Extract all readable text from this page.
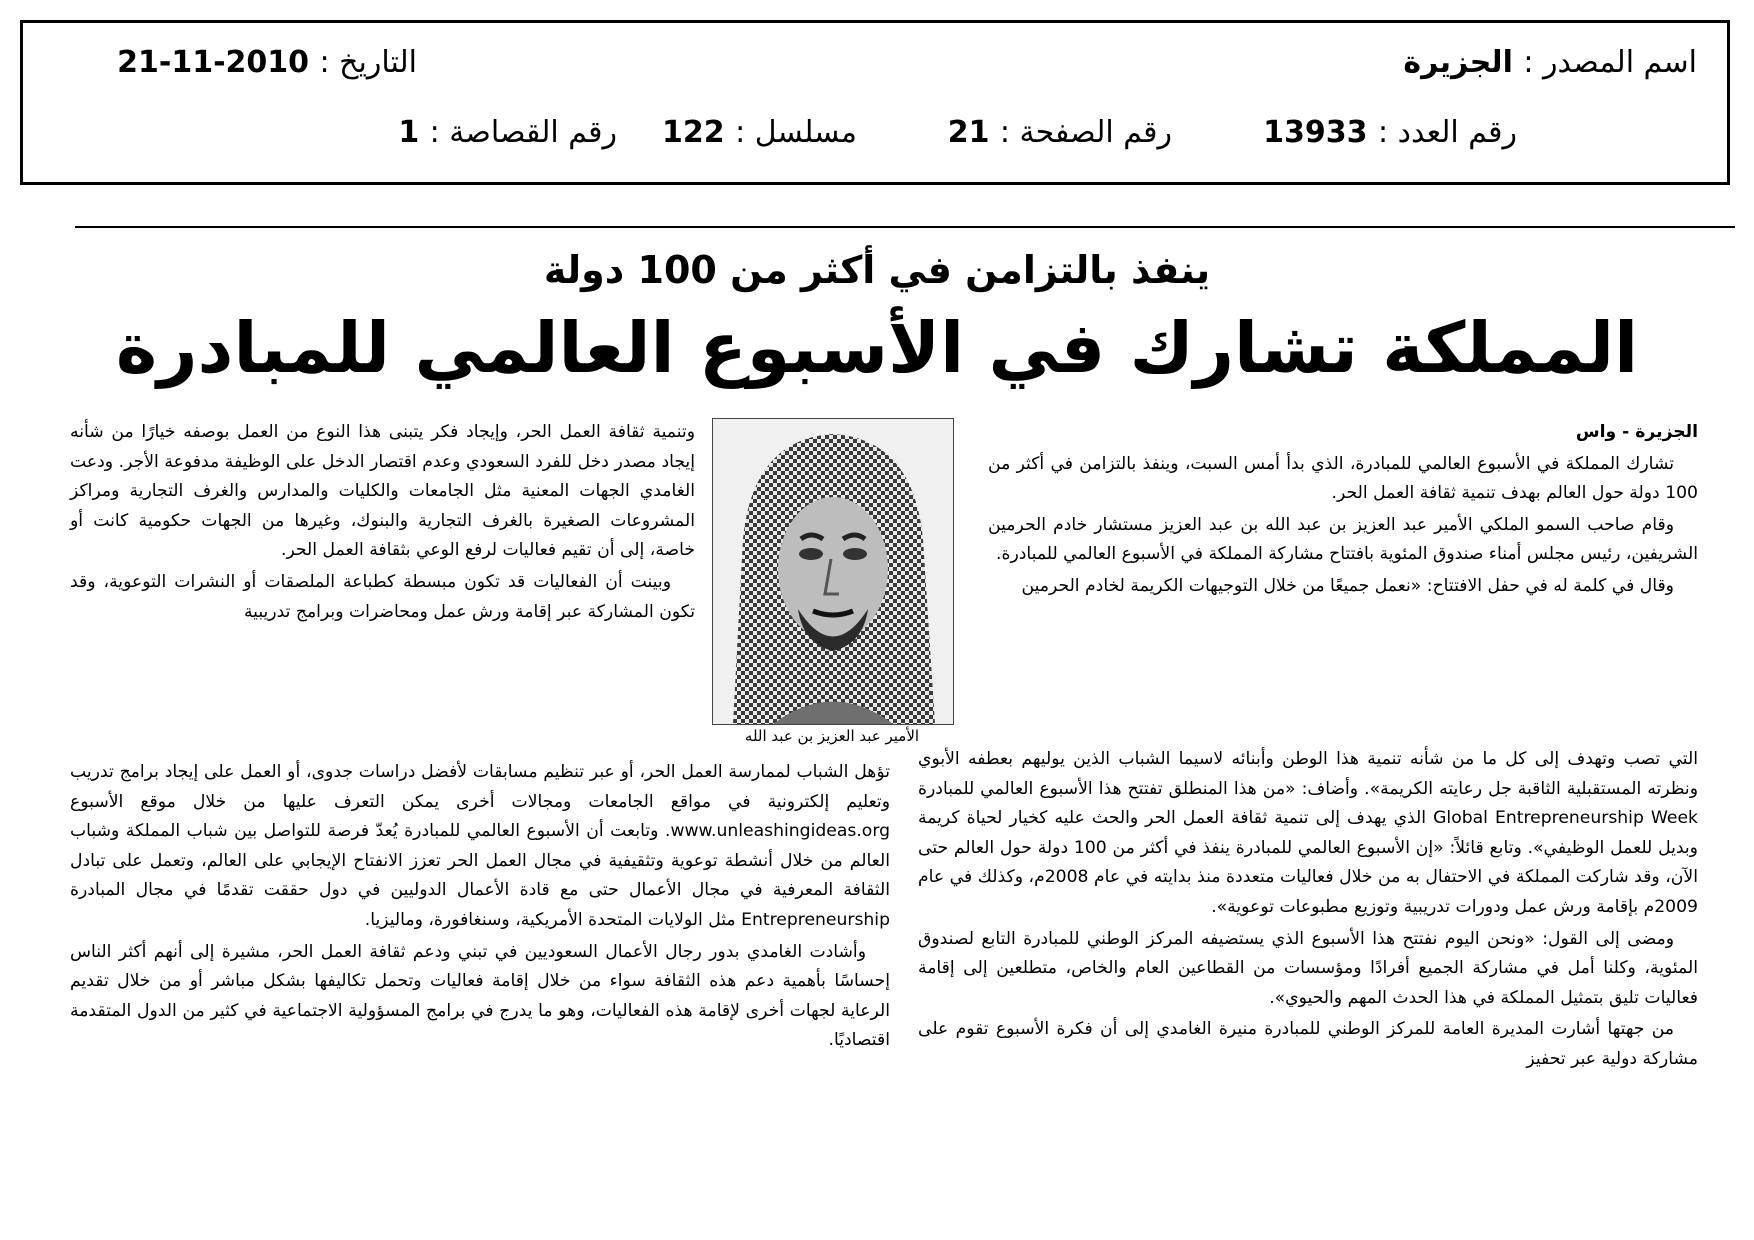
اسم المصدر : الجزيرة
التاريخ : 21-11-2010
رقم العدد : 13933
رقم الصفحة : 21
مسلسل : 122
رقم القصاصة : 1
ينفذ بالتزامن في أكثر من 100 دولة
المملكة تشارك في الأسبوع العالمي للمبادرة

الجزيرة - واس

تشارك المملكة في الأسبوع العالمي للمبادرة، الذي بدأ أمس السبت، وينفذ بالتزامن في أكثر من 100 دولة حول العالم بهدف تنمية ثقافة العمل الحر.

وقام صاحب السمو الملكي الأمير عبد العزيز بن عبد الله بن عبد العزيز مستشار خادم الحرمين الشريفين، رئيس مجلس أمناء صندوق المئوية بافتتاح مشاركة المملكة في الأسبوع العالمي للمبادرة.

وقال في كلمة له في حفل الافتتاح: «نعمل جميعًا من خلال التوجيهات الكريمة لخادم الحرمين

الأمير عبد العزيز بن عبد الله

وتنمية ثقافة العمل الحر، وإيجاد فكر يتبنى هذا النوع من العمل بوصفه خيارًا من شأنه إيجاد مصدر دخل للفرد السعودي وعدم اقتصار الدخل على الوظيفة مدفوعة الأجر. ودعت الغامدي الجهات المعنية مثل الجامعات والكليات والمدارس والغرف التجارية ومراكز المشروعات الصغيرة بالغرف التجارية والبنوك، وغيرها من الجهات حكومية كانت أو خاصة، إلى أن تقيم فعاليات لرفع الوعي بثقافة العمل الحر.

وبينت أن الفعاليات قد تكون مبسطة كطباعة الملصقات أو النشرات التوعوية، وقد تكون المشاركة عبر إقامة ورش عمل ومحاضرات وبرامج تدريبية

التي تصب وتهدف إلى كل ما من شأنه تنمية هذا الوطن وأبنائه لاسيما الشباب الذين يوليهم بعطفه الأبوي ونظرته المستقبلية الثاقبة جل رعايته الكريمة». وأضاف: «من هذا المنطلق تفتتح هذا الأسبوع العالمي للمبادرة Global Entrepreneurship Week الذي يهدف إلى تنمية ثقافة العمل الحر والحث عليه كخيار لحياة كريمة وبديل للعمل الوظيفي». وتابع قائلاً: «إن الأسبوع العالمي للمبادرة ينفذ في أكثر من 100 دولة حول العالم حتى الآن، وقد شاركت المملكة في الاحتفال به من خلال فعاليات متعددة منذ بدايته في عام 2008م، وكذلك في عام 2009م بإقامة ورش عمل ودورات تدريبية وتوزيع مطبوعات توعوية».

ومضى إلى القول: «ونحن اليوم نفتتح هذا الأسبوع الذي يستضيفه المركز الوطني للمبادرة التابع لصندوق المئوية، وكلنا أمل في مشاركة الجميع أفرادًا ومؤسسات من القطاعين العام والخاص، متطلعين إلى إقامة فعاليات تليق بتمثيل المملكة في هذا الحدث المهم والحيوي».

من جهتها أشارت المديرة العامة للمركز الوطني للمبادرة منيرة الغامدي إلى أن فكرة الأسبوع تقوم على مشاركة دولية عبر تحفيز

تؤهل الشباب لممارسة العمل الحر، أو عبر تنظيم مسابقات لأفضل دراسات جدوى، أو العمل على إيجاد برامج تدريب وتعليم إلكترونية في مواقع الجامعات ومجالات أخرى يمكن التعرف عليها من خلال موقع الأسبوع www.unleashingideas.org. وتابعت أن الأسبوع العالمي للمبادرة يُعدّ فرصة للتواصل بين شباب المملكة وشباب العالم من خلال أنشطة توعوية وتثقيفية في مجال العمل الحر تعزز الانفتاح الإيجابي على العالم، وتعمل على تبادل الثقافة المعرفية في مجال الأعمال حتى مع قادة الأعمال الدوليين في دول حققت تقدمًا في مجال المبادرة Entrepreneurship مثل الولايات المتحدة الأمريكية، وسنغافورة، وماليزيا.

وأشادت الغامدي بدور رجال الأعمال السعوديين في تبني ودعم ثقافة العمل الحر، مشيرة إلى أنهم أكثر الناس إحساسًا بأهمية دعم هذه الثقافة سواء من خلال إقامة فعاليات وتحمل تكاليفها بشكل مباشر أو من خلال تقديم الرعاية لجهات أخرى لإقامة هذه الفعاليات، وهو ما يدرج في برامج المسؤولية الاجتماعية في كثير من الدول المتقدمة اقتصاديًا.
